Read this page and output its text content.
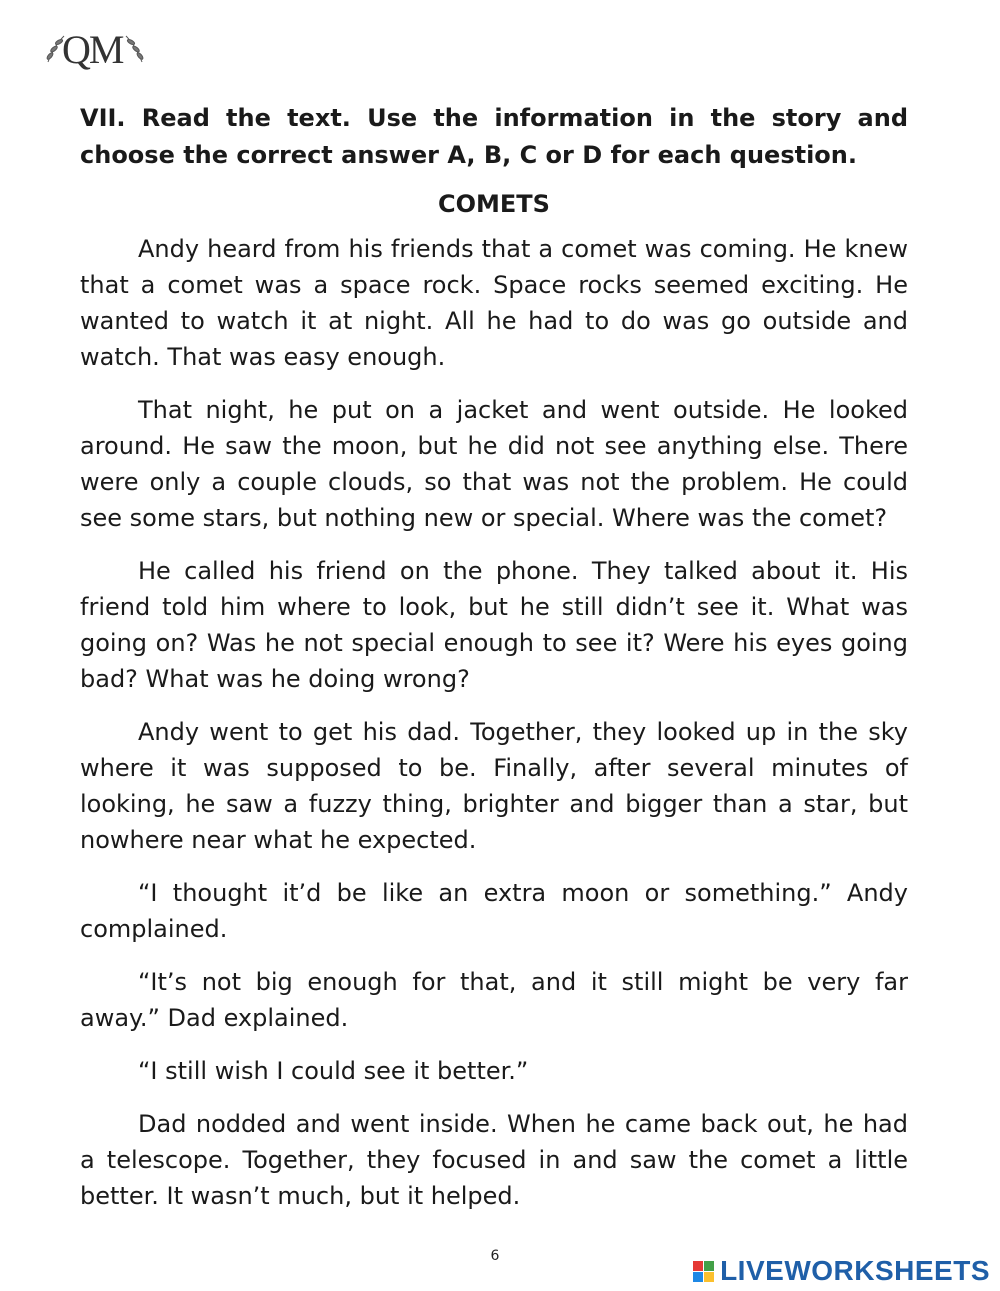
QM

VII. Read the text. Use the information in the story and choose the correct answer A, B, C or D for each question.

COMETS

Andy heard from his friends that a comet was coming. He knew that a comet was a space rock. Space rocks seemed exciting. He wanted to watch it at night. All he had to do was go outside and watch. That was easy enough.

That night, he put on a jacket and went outside. He looked around. He saw the moon, but he did not see anything else. There were only a couple clouds, so that was not the problem. He could see some stars, but nothing new or special. Where was the comet?

He called his friend on the phone. They talked about it. His friend told him where to look, but he still didn’t see it. What was going on? Was he not special enough to see it? Were his eyes going bad? What was he doing wrong?

Andy went to get his dad. Together, they looked up in the sky where it was supposed to be. Finally, after several minutes of looking, he saw a fuzzy thing, brighter and bigger than a star, but nowhere near what he expected.

“I thought it’d be like an extra moon or something.” Andy complained.

“It’s not big enough for that, and it still might be very far away.” Dad explained.

“I still wish I could see it better.”

Dad nodded and went inside. When he came back out, he had a telescope. Together, they focused in and saw the comet a little better. It wasn’t much, but it helped.

6	LIVEWORKSHEETS
